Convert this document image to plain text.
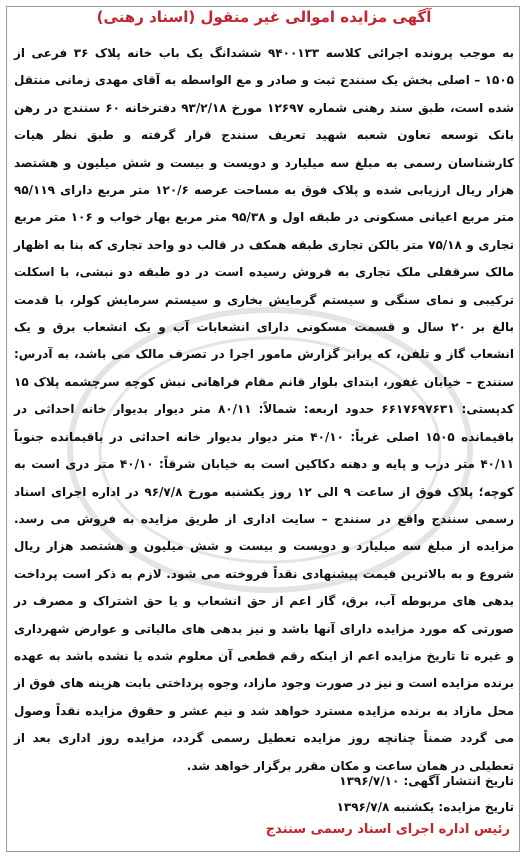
آگهی مزایده اموالی غیر منقول (اسناد رهنی)

به موجب پرونده اجرائی کلاسه ۹۴۰۰۱۳۳ ششدانگ یک باب خانه پلاک ۳۶ فرعی از ۱۵۰۵ – اصلی بخش یک سنندج ثبت و صادر و مع الواسطه به آقای مهدی زمانی منتقل شده است، طبق سند رهنی شماره ۱۲۶۹۷ مورخ ۹۳/۲/۱۸ دفترخانه ۶۰ سنندج در رهن بانک توسعه تعاون شعبه شهید تعریف سنندج قرار گرفته و طبق نظر هیات کارشناسان رسمی به مبلغ سه میلیارد و دویست و بیست و شش میلیون و هشتصد هزار ریال ارزیابی شده و پلاک فوق به مساحت عرصه ۱۲۰/۶ متر مربع دارای ۹۵/۱۱۹ متر مربع اعیانی مسکونی در طبقه اول و ۹۵/۳۸ متر مربع بهار خواب و ۱۰۶ متر مربع تجاری و ۷۵/۱۸ متر بالکن تجاری طبقه همکف در قالب دو واحد تجاری که بنا به اظهار مالک سرقفلی ملک تجاری به فروش رسیده است در دو طبقه دو نبشی، با اسکلت ترکیبی و نمای سنگی و سیستم گرمایش بخاری و سیستم سرمایش کولر، با قدمت بالغ بر ۲۰ سال و قسمت مسکونی دارای انشعابات آب و یک انشعاب برق و یک انشعاب گاز و تلفن، که برابر گزارش مامور اجرا در تصرف مالک می باشد، به آدرس: سنندج – خیابان غفور، ابتدای بلوار قانم مقام فراهانی نبش کوچه سرچشمه پلاک ۱۵ کدپستی: ۶۶۱۷۶۹۷۶۳۱ حدود اربعه: شمالاً: ۸۰/۱۱ متر دیوار بدیوار خانه احداثی در باقیمانده ۱۵۰۵ اصلی غرباً: ۴۰/۱۰ متر دیوار بدیوار خانه احداثی در باقیمانده جنوباً ۴۰/۱۱ متر درب و پایه و دهنه دکاکین است به خیابان شرقاً: ۴۰/۱۰ متر دری است به کوچه؛ پلاک فوق از ساعت ۹ الی ۱۲ روز یکشنبه مورخ ۹۶/۷/۸ در اداره اجرای اسناد رسمی سنندج واقع در سنندج – سایت اداری از طریق مزایده به فروش می رسد. مزایده از مبلغ سه میلیارد و دویست و بیست و شش میلیون و هشتصد هزار ریال شروع و به بالاترین قیمت پیشنهادی نقداً فروخته می شود. لازم به ذکر است پرداخت بدهی های مربوطه آب، برق، گاز اعم از حق انشعاب و یا حق اشتراک و مصرف در صورتی که مورد مزایده دارای آنها باشد و نیز بدهی های مالیاتی و عوارض شهرداری و غیره تا تاریخ مزایده اعم از اینکه رقم قطعی آن معلوم شده یا نشده باشد به عهده برنده مزایده است و نیز در صورت وجود مازاد، وجوه پرداختی بابت هزینه های فوق از محل مازاد به برنده مزایده مسترد خواهد شد و نیم عشر و حقوق مزایده نقداً وصول می گردد ضمناً چنانچه روز مزایده تعطیل رسمی گردد، مزایده روز اداری بعد از تعطیلی در همان ساعت و مکان مقرر برگزار خواهد شد.

تاریخ انتشار آگهی: ۱۳۹۶/۷/۱۰
تاریخ مزایده: یکشنبه ۱۳۹۶/۷/۸
رئیس اداره اجرای اسناد رسمی سنندج
